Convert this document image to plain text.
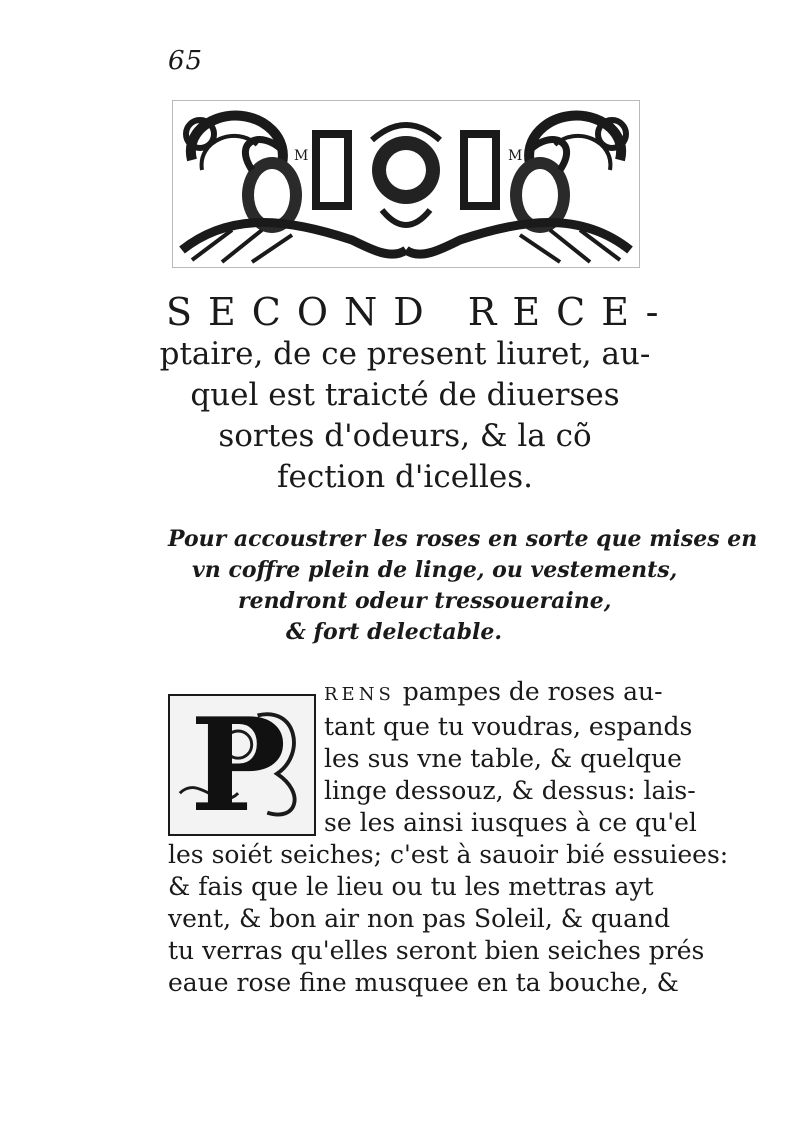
65
M	M

SECOND RECE-

ptaire, de ce present liuret, au-

quel est traicté de diuerses

sortes d'odeurs, & la cõ

fection d'icelles.

Pour accoustrer les roses en sorte que mises en
vn coffre plein de linge, ou vestements,
rendront odeur tressoueraine,
& fort delectable.
P	RENS pampes de roses au-
tant que tu voudras, espands
les sus vne table, & quelque
linge dessouz, & dessus: lais-
se les ainsi iusques à ce qu'el
les soiét seiches; c'est à sauoir bié essuiees:
& fais que le lieu ou tu les mettras ayt
vent, & bon air non pas Soleil, & quand
tu verras qu'elles seront bien seiches prés
eaue rose fine musquee en ta bouche, &
